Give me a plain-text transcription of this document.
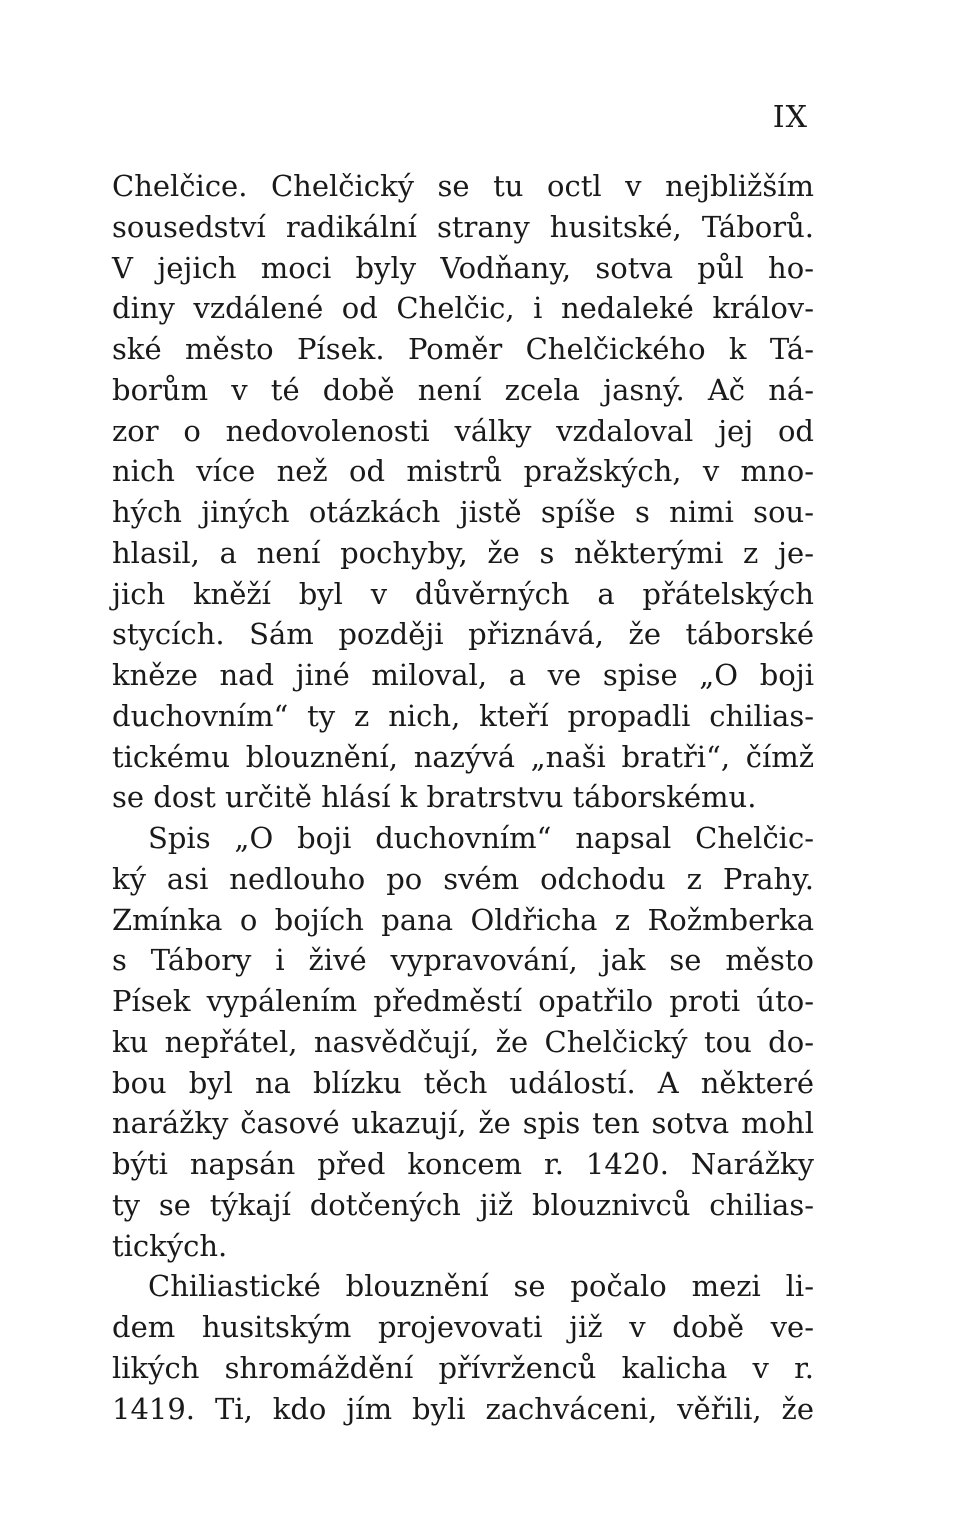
IX
Chelčice. Chelčický se tu octl v nejbližším
sousedství radikální strany husitské, Táborů.
V jejich moci byly Vodňany, sotva půl ho-
diny vzdálené od Chelčic, i nedaleké králov-
ské město Písek. Poměr Chelčického k Tá-
borům v té době není zcela jasný. Ač ná-
zor o nedovolenosti války vzdaloval jej od
nich více než od mistrů pražských, v mno-
hých jiných otázkách jistě spíše s nimi sou-
hlasil, a není pochyby, že s některými z je-
jich kněží byl v důvěrných a přátelských
stycích. Sám později přiznává, že táborské
kněze nad jiné miloval, a ve spise „O boji
duchovním“ ty z nich, kteří propadli chilias-
tickému blouznění, nazývá „naši bratři“, čímž
se dost určitě hlásí k bratrstvu táborskému.
Spis „O boji duchovním“ napsal Chelčic-
ký asi nedlouho po svém odchodu z Prahy.
Zmínka o bojích pana Oldřicha z Rožmberka
s Tábory i živé vypravování, jak se město
Písek vypálením předměstí opatřilo proti úto-
ku nepřátel, nasvědčují, že Chelčický tou do-
bou byl na blízku těch událostí. A některé
narážky časové ukazují, že spis ten sotva mohl
býti napsán před koncem r. 1420. Narážky
ty se týkají dotčených již blouznivců chilias-
tických.
Chiliastické blouznění se počalo mezi li-
dem husitským projevovati již v době ve-
likých shromáždění přívrženců kalicha v r.
1419. Ti, kdo jím byli zachváceni, věřili, že
